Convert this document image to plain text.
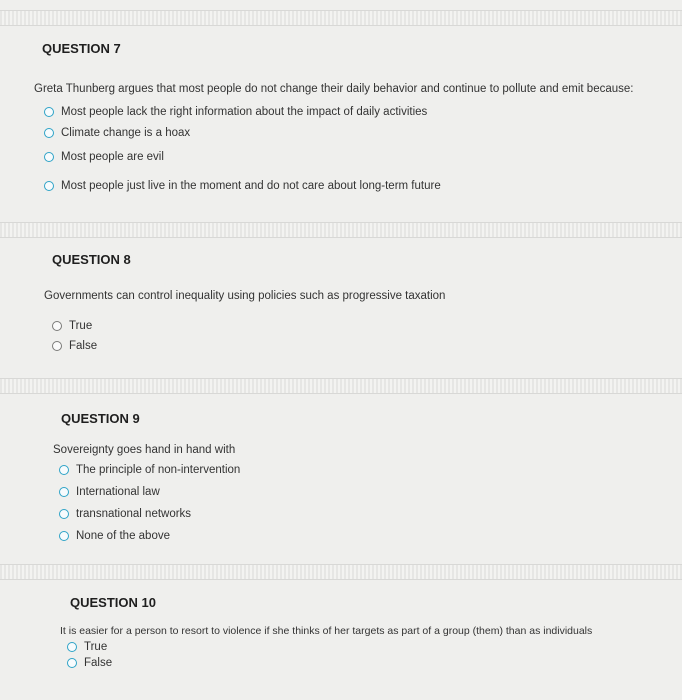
QUESTION 7
Greta Thunberg argues that most people do not change their daily behavior and continue to pollute and emit because:
Most people lack the right information about the impact of daily activities
Climate change is a hoax
Most people are evil
Most people just live in the moment and do not care about long-term future
QUESTION 8
Governments can control inequality using policies such as progressive taxation
True
False
QUESTION 9
Sovereignty goes hand in hand with
The principle of non-intervention
International law
transnational networks
None of the above
QUESTION 10
It is easier for a person to resort to violence if she thinks of her targets as part of a group (them) than as individuals
True
False
